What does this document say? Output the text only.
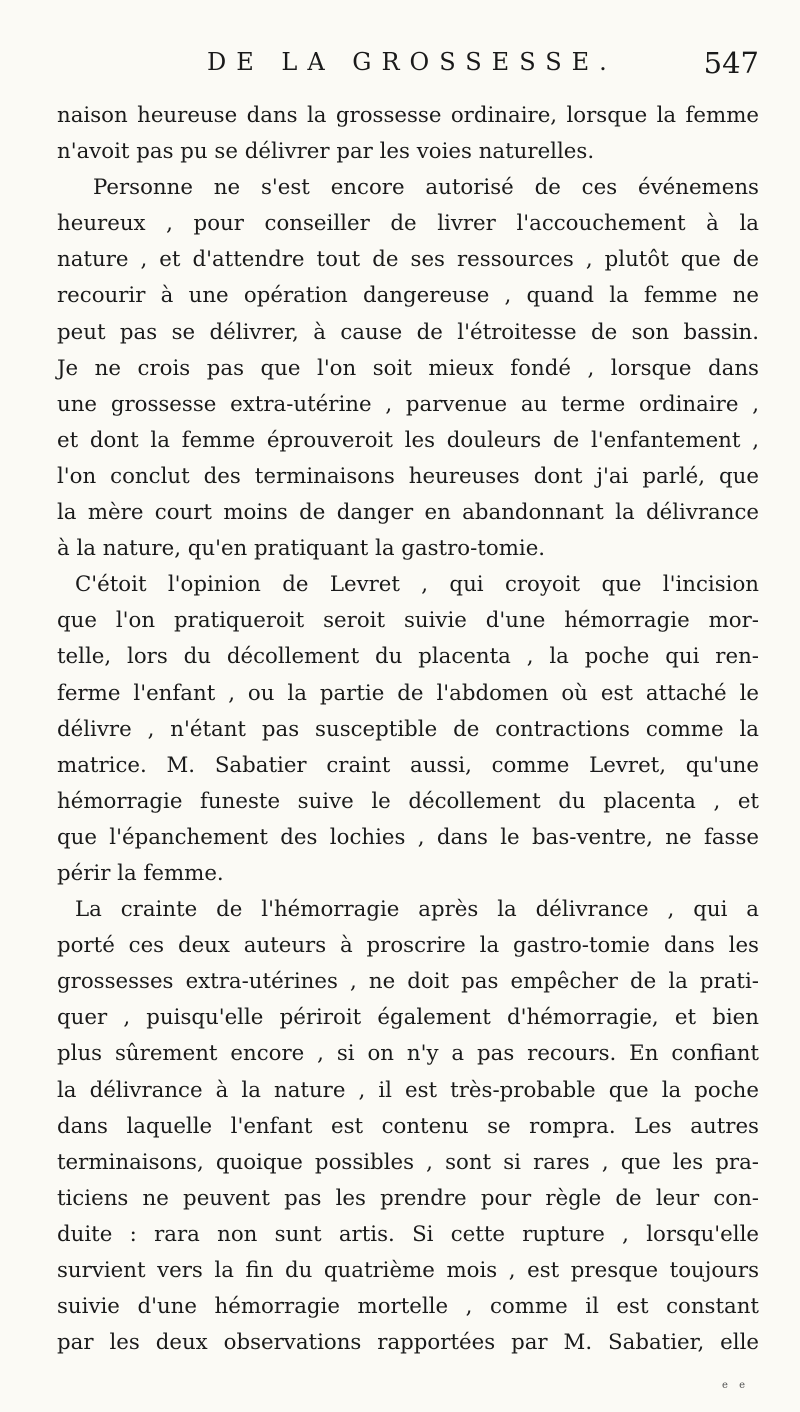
DE LA GROSSESSE.	547
naison heureuse dans la grossesse ordinaire, lorsque la femme
n'avoit pas pu se délivrer par les voies naturelles.
Personne ne s'est encore autorisé de ces événemens
heureux , pour conseiller de livrer l'accouchement à la
nature , et d'attendre tout de ses ressources , plutôt que de
recourir à une opération dangereuse , quand la femme ne
peut pas se délivrer, à cause de l'étroitesse de son bassin.
Je ne crois pas que l'on soit mieux fondé , lorsque dans
une grossesse extra-utérine , parvenue au terme ordinaire ,
et dont la femme éprouveroit les douleurs de l'enfantement ,
l'on conclut des terminaisons heureuses dont j'ai parlé, que
la mère court moins de danger en abandonnant la délivrance
à la nature, qu'en pratiquant la gastro-tomie.
C'étoit l'opinion de Levret , qui croyoit que l'incision
que l'on pratiqueroit seroit suivie d'une hémorragie mor-
telle, lors du décollement du placenta , la poche qui ren-
ferme l'enfant , ou la partie de l'abdomen où est attaché le
délivre , n'étant pas susceptible de contractions comme la
matrice. M. Sabatier craint aussi, comme Levret, qu'une
hémorragie funeste suive le décollement du placenta , et
que l'épanchement des lochies , dans le bas-ventre, ne fasse
périr la femme.
La crainte de l'hémorragie après la délivrance , qui a
porté ces deux auteurs à proscrire la gastro-tomie dans les
grossesses extra-utérines , ne doit pas empêcher de la prati-
quer , puisqu'elle périroit également d'hémorragie, et bien
plus sûrement encore , si on n'y a pas recours. En confiant
la délivrance à la nature , il est très-probable que la poche
dans laquelle l'enfant est contenu se rompra. Les autres
terminaisons, quoique possibles , sont si rares , que les pra-
ticiens ne peuvent pas les prendre pour règle de leur con-
duite : rara non sunt artis. Si cette rupture , lorsqu'elle
survient vers la fin du quatrième mois , est presque toujours
suivie d'une hémorragie mortelle , comme il est constant
par les deux observations rapportées par M. Sabatier, elle
e e
